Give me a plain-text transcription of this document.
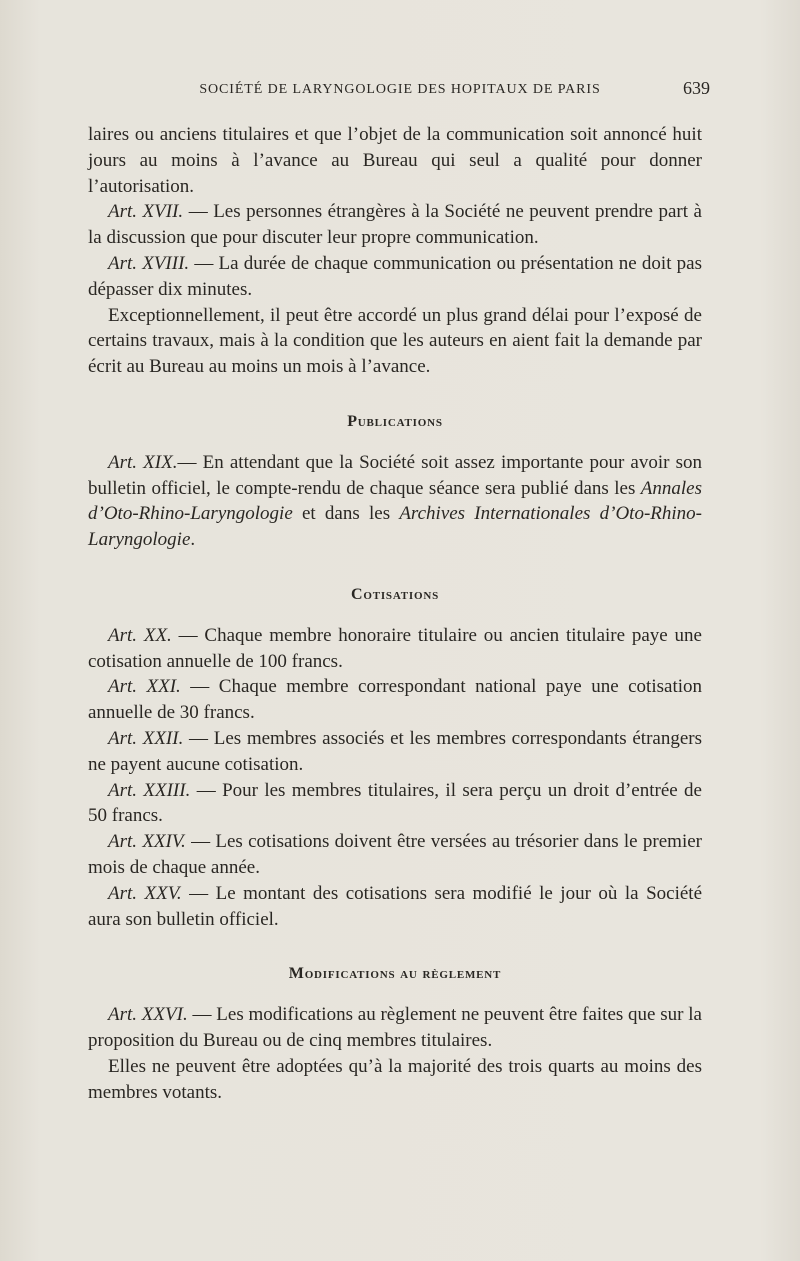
SOCIÉTÉ DE LARYNGOLOGIE DES HOPITAUX DE PARIS	639

laires ou anciens titulaires et que l’objet de la communication soit annoncé huit jours au moins à l’avance au Bureau qui seul a qualité pour donner l’autorisation.

Art. XVII. — Les personnes étrangères à la Société ne peuvent prendre part à la discussion que pour discuter leur propre communication.

Art. XVIII. — La durée de chaque communication ou présentation ne doit pas dépasser dix minutes.

Exceptionnellement, il peut être accordé un plus grand délai pour l’exposé de certains travaux, mais à la condition que les auteurs en aient fait la demande par écrit au Bureau au moins un mois à l’avance.

Publications

Art. XIX.— En attendant que la Société soit assez importante pour avoir son bulletin officiel, le compte-rendu de chaque séance sera publié dans les Annales d’Oto-Rhino-Laryngologie et dans les Archives Internationales d’Oto-Rhino-Laryngologie.

Cotisations

Art. XX. — Chaque membre honoraire titulaire ou ancien titulaire paye une cotisation annuelle de 100 francs.

Art. XXI. — Chaque membre correspondant national paye une cotisation annuelle de 30 francs.

Art. XXII. — Les membres associés et les membres correspondants étrangers ne payent aucune cotisation.

Art. XXIII. — Pour les membres titulaires, il sera perçu un droit d’entrée de 50 francs.

Art. XXIV. — Les cotisations doivent être versées au trésorier dans le premier mois de chaque année.

Art. XXV. — Le montant des cotisations sera modifié le jour où la Société aura son bulletin officiel.

Modifications au règlement

Art. XXVI. — Les modifications au règlement ne peuvent être faites que sur la proposition du Bureau ou de cinq membres titulaires.

Elles ne peuvent être adoptées qu’à la majorité des trois quarts au moins des membres votants.
